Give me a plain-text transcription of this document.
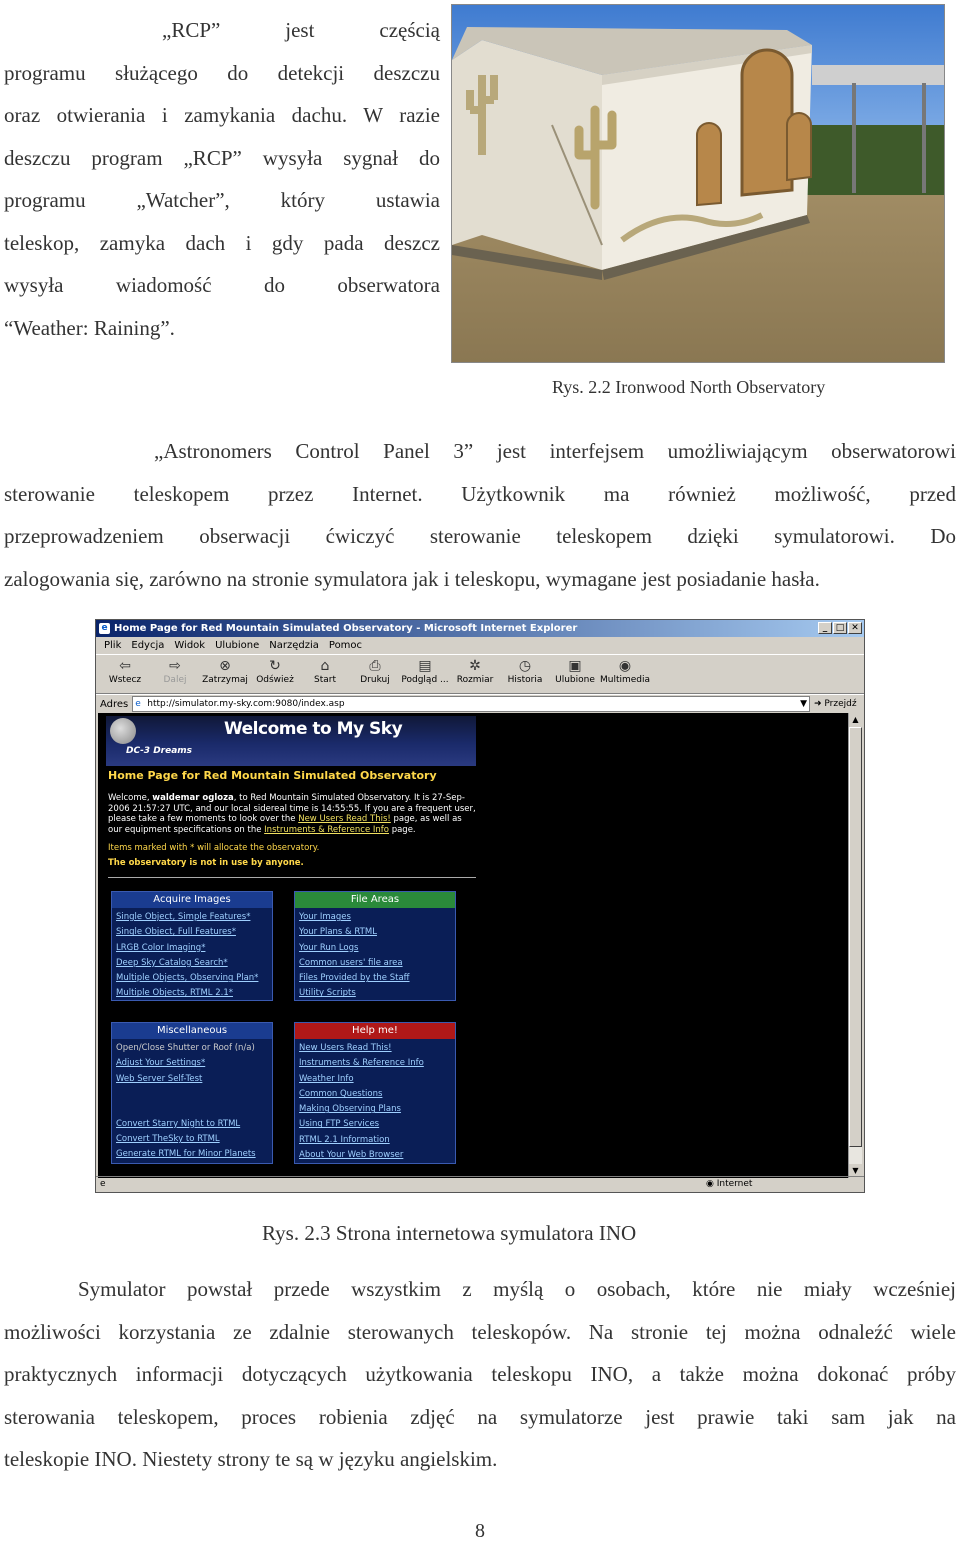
„RCP” jest częścią
programu służącego do detekcji deszczu
oraz otwierania i zamykania dachu. W razie
deszczu program „RCP” wysyła sygnał do
programu „Watcher”, który ustawia
teleskop, zamyka dach i gdy pada deszcz
wysyła wiadomość do obserwatora
“Weather: Raining”.
Rys. 2.2 Ironwood North Observatory
„Astronomers Control Panel 3” jest interfejsem umożliwiającym obserwatorowi
sterowanie teleskopem przez Internet. Użytkownik ma również możliwość, przed
przeprowadzeniem obserwacji ćwiczyć sterowanie teleskopem dzięki symulatorowi. Do
zalogowania się, zarówno na stronie symulatora jak i teleskopu, wymagane jest posiadanie hasła.
e Home Page for Red Mountain Simulated Observatory - Microsoft Internet Explorer	_ □ ✕
Plik Edycja Widok Ulubione Narzędzia Pomoc
⇦
Wstecz
⇨
Dalej
⊗
Zatrzymaj
↻
Odśwież
⌂
Start
⎙
Drukuj
▤
Podgląd ...
✲
Rozmiar
◷
Historia
▣
Ulubione
◉
Multimedia
Adres e http://simulator.my-sky.com:9080/index.asp	▼ ➜ Przejdź
Welcome to My Sky
DC-3 Dreams
Home Page for Red Mountain Simulated Observatory
Welcome, waldemar ogloza, to Red Mountain Simulated Observatory. It is 27-Sep-2006 21:57:27 UTC, and our local sidereal time is 14:55:55. If you are a frequent user, please take a few moments to look over the New Users Read This! page, as well as our equipment specifications on the Instruments & Reference Info page.
Items marked with * will allocate the observatory.
The observatory is not in use by anyone.
Acquire Images
Single Object, Simple Features*
Single Object, Full Features*
LRGB Color Imaging*
Deep Sky Catalog Search*
Multiple Objects, Observing Plan*
Multiple Objects, RTML 2.1*
File Areas
Your Images
Your Plans & RTML
Your Run Logs
Common users' file area
Files Provided by the Staff
Utility Scripts
Miscellaneous
Open/Close Shutter or Roof (n/a)
Adjust Your Settings*
Web Server Self-Test
Convert Starry Night to RTML
Convert TheSky to RTML
Generate RTML for Minor Planets
Help me!
New Users Read This!
Instruments & Reference Info
Weather Info
Common Questions
Making Observing Plans
Using FTP Services
RTML 2.1 Information
About Your Web Browser
▲
▼
e	◉ Internet
Rys. 2.3 Strona internetowa symulatora INO
Symulator powstał przede wszystkim z myślą o osobach, które nie miały wcześniej
możliwości korzystania ze zdalnie sterowanych teleskopów. Na stronie tej można odnaleźć wiele
praktycznych informacji dotyczących użytkowania teleskopu INO, a także można dokonać próby
sterowania teleskopem, proces robienia zdjęć na symulatorze jest prawie taki sam jak na
teleskopie INO. Niestety strony te są w języku angielskim.
8
